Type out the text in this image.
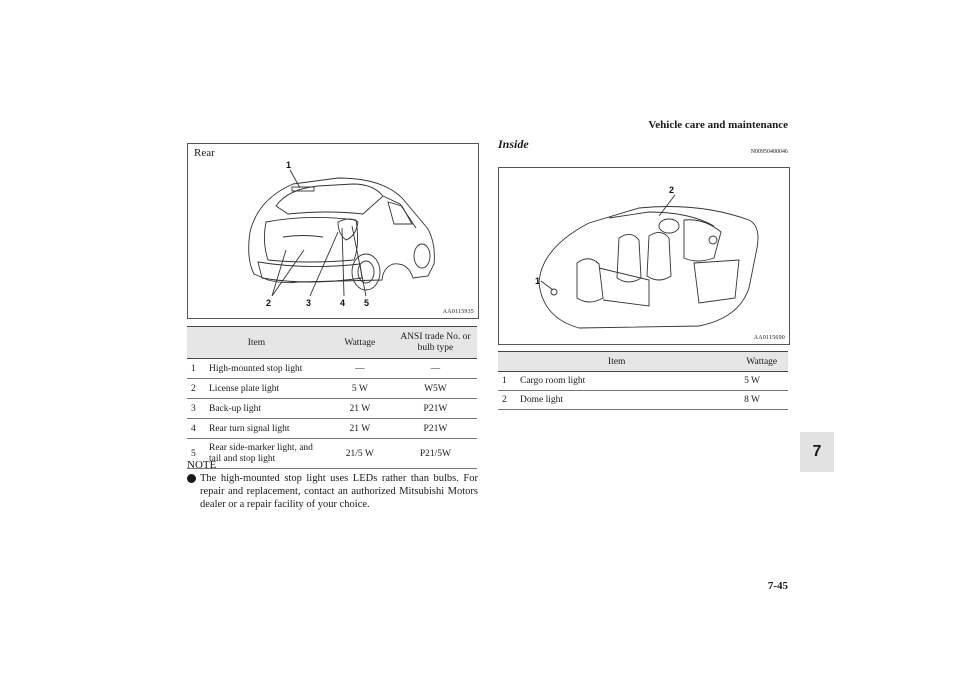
Vehicle care and maintenance
Rear
1
2	3	4 5
AA0115935
Item		Wattage	ANSI trade No. or bulb type
1	High-mounted stop light	—	—
2	License plate light	5 W	W5W
3	Back-up light	21 W	P21W
4	Rear turn signal light	21 W	P21W
5	Rear side-marker light, and tail and stop light	21/5 W	P21/5W
NOTE
The high-mounted stop light uses LEDs rather than bulbs. For repair and replacement, contact an authorized Mitsubishi Motors dealer or a repair facility of your choice.
Inside
N00950400046
2
1
AA0115690
Item		Wattage
1	Cargo room light	5 W
2	Dome light	8 W
7
7-45
